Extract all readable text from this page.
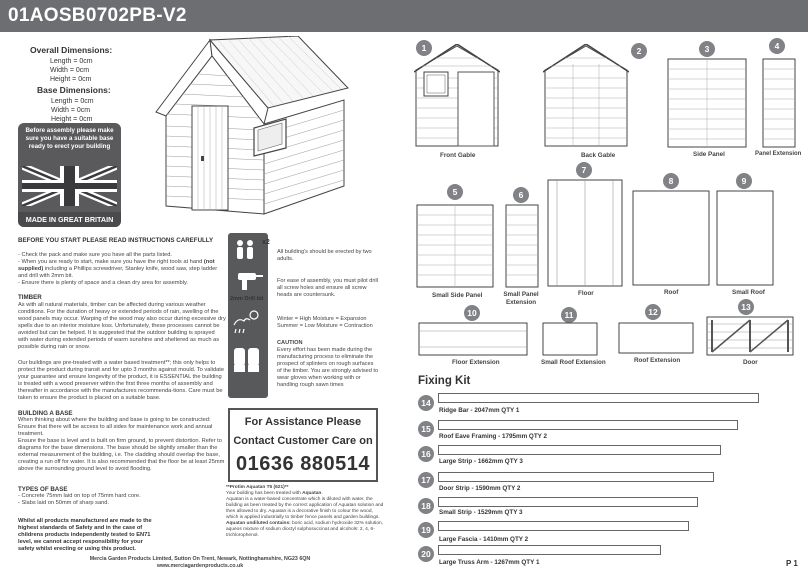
01AOSB0702PB-V2
Overall Dimensions:
Length = 0cm
Width = 0cm
Height = 0cm
Base Dimensions:
Length = 0cm
Width = 0cm
Height = 0cm
Before assembly please make sure you have a suitable base ready to erect your building
MADE IN GREAT BRITAIN
BEFORE YOU START PLEASE READ INSTRUCTIONS CAREFULLY
- Check the pack and make sure you have all the parts listed.
- When you are ready to start, make sure you have the right tools at hand (not supplied) including a Phillips screwdriver, Stanley knife, wood saw, step ladder and drill with 2mm bit.
- Ensure there is plenty of space and a clean dry area for assembly.
TIMBER
As with all natural materials, timber can be affected during various weather conditions. For the duration of heavy or extended periods of rain, swelling of the wood panels may occur. Warping of the wood may also occur during excessive dry spells due to an interior moisture loss. Unfortunately, these processes cannot be avoided but can be helped. It is suggested that the outdoor building is sprayed with water during extended periods of warm sunshine and sheltered as much as possible during rain or snow.
Our buildings are pre-treated with a water based treatment**; this only helps to protect the product during transit and for upto 3 months against mould. To validate your guarantee and ensure longevity of the product, it is ESSENTIAL the building is treated with a wood preserver within the first three months of assembly and thereafter in accordance with the manufactures recommenda-tions. Care must be taken to ensure the product is placed on a suitable base.
BUILDING A BASE
When thinking about where the building and base is going to be constructed: Ensure that there will be access to all sides for maintenance work and annual treatment.
Ensure the base is level and is built on firm ground, to prevent distortion. Refer to diagrams for the base dimensions. The base should be slightly smaller than the external measurement of the building, i.e. The cladding should overlap the base, creating a run off for water. It is also recommended that the floor be at least 25mm above the surrounding ground level to avoid flooding.
TYPES OF BASE
- Concrete 75mm laid on top of 75mm hard core.
- Slabs laid on 50mm of sharp sand.
Whilst all products manufactured are made to the highest standards of Safety and in the case of childrens products independently tested to EN71 level, we cannot accept responsibility for your safety whilst erecting or using this product.
x2
2mm Drill bit
All building's should be erected by two adults.
For ease of assembly, you must pilot drill all screw holes and ensure all screw heads are countersunk.
Winter = High Moisture = Expansion
Summer = Low Moisture = Contraction
CAUTION
Every effort has been made during the manufacturing process to eliminate the prospect of splinters on rough surfaces of the timber. You are strongly advised to wear gloves when working with or handling rough sawn times
For Assistance Please
Contact Customer Care on
01636 880514
**Protim Aquatan T5 (621)**
Your building has been treated with Aquatan.
Aquatan is a water-based concentrate which is diluted with water, the building as been treated by the correct application of Aquatan solution and then allowed to dry. Aquatan is a decorative finish to colour the wood, which is applied industrially to timber fence panels and garden buildings.
Aquatan undiluted contains: boric acid, sodium hydroxide 32% solution, aqueos mixture of sodium dioctyl sulphosuccinat and alcohols: 2, 4, 6-trichlorophenol.
Mercia Garden Products Limited, Sutton On Trent, Newark, Nottinghamshire, NG23 6QN
www.merciagardenproducts.co.uk	P 1
1
Front Gable
2
Back Gable
3
Side Panel
4
Panel Extension
5
Small Side Panel
6
Small Panel Extension
7
Floor
8
Roof
9
Small Roof
10
Floor Extension
11
Small Roof Extension
12
Roof Extension
13
Door
Fixing Kit
14
Ridge Bar - 2047mm QTY 1
15
Roof Eave Framing - 1795mm QTY 2
16
Large Strip - 1662mm QTY 3
17
Door Strip - 1590mm QTY 2
18
Small Strip - 1529mm QTY 3
19
Large Fascia - 1410mm QTY 2
20
Large Truss Arm - 1267mm QTY 1
